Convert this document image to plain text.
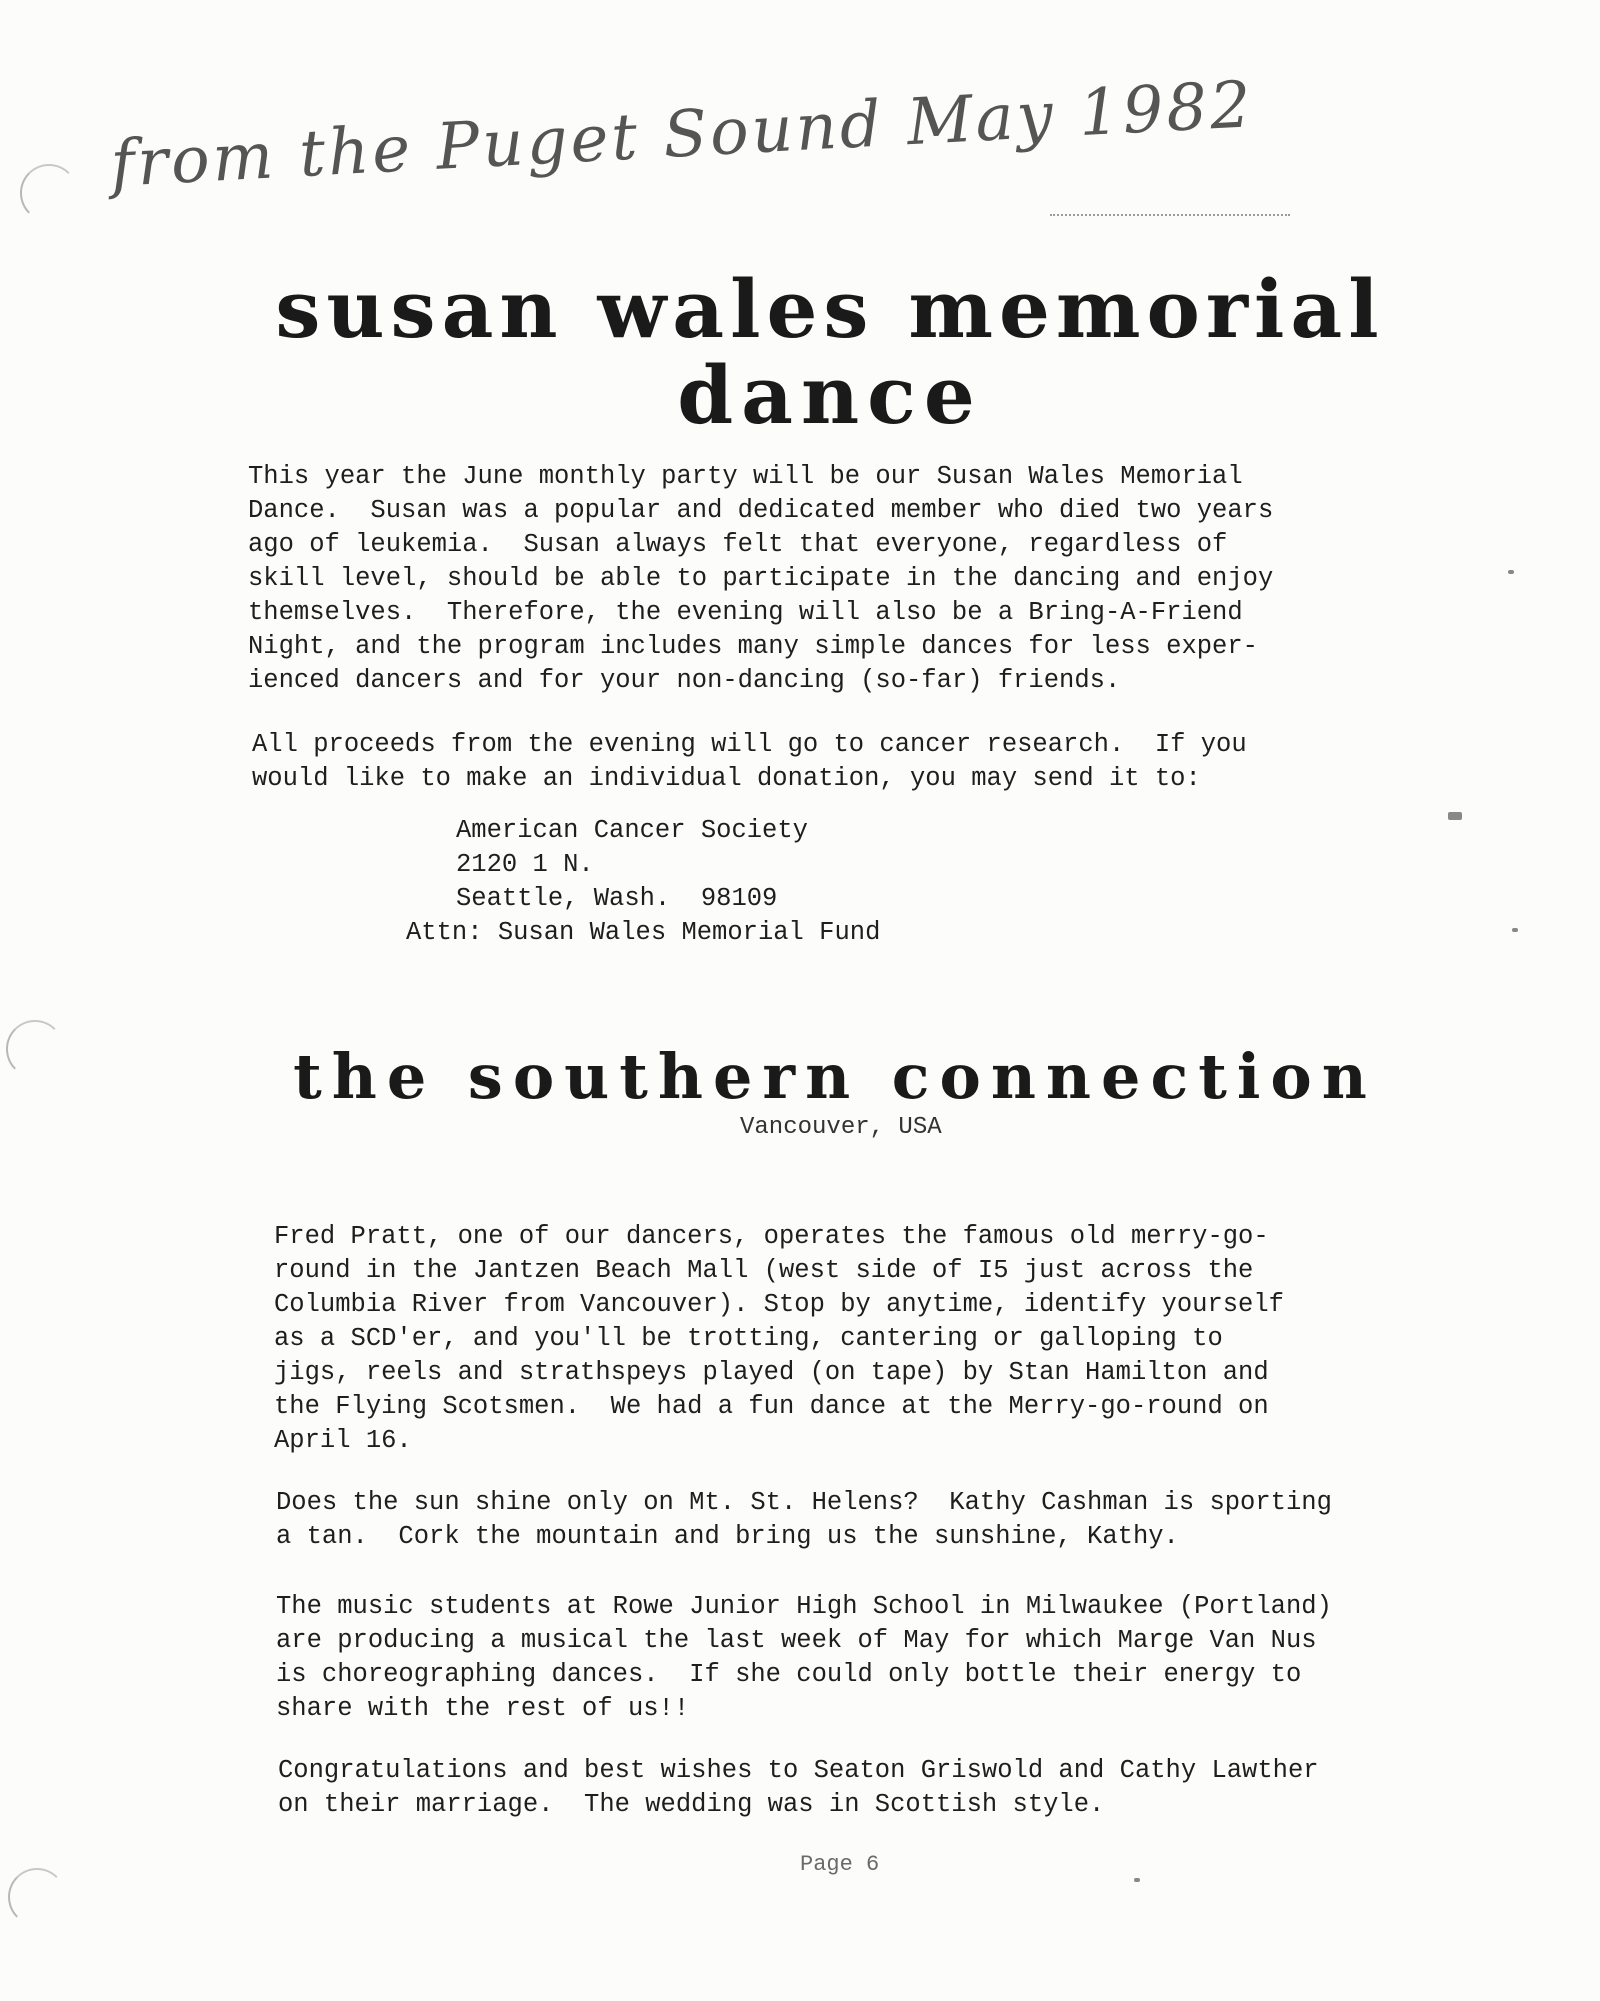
from the Puget Sound May 1982
susan wales memorial
dance
This year the June monthly party will be our Susan Wales Memorial
Dance.  Susan was a popular and dedicated member who died two years
ago of leukemia.  Susan always felt that everyone, regardless of
skill level, should be able to participate in the dancing and enjoy
themselves.  Therefore, the evening will also be a Bring-A-Friend
Night, and the program includes many simple dances for less exper-
ienced dancers and for your non-dancing (so-far) friends.
All proceeds from the evening will go to cancer research.  If you
would like to make an individual donation, you may send it to:
American Cancer Society
2120 1 N.
Seattle, Wash.  98109
Attn: Susan Wales Memorial Fund
the southern connection
Vancouver, USA
Fred Pratt, one of our dancers, operates the famous old merry-go-
round in the Jantzen Beach Mall (west side of I5 just across the
Columbia River from Vancouver). Stop by anytime, identify yourself
as a SCD'er, and you'll be trotting, cantering or galloping to
jigs, reels and strathspeys played (on tape) by Stan Hamilton and
the Flying Scotsmen.  We had a fun dance at the Merry-go-round on
April 16.
Does the sun shine only on Mt. St. Helens?  Kathy Cashman is sporting
a tan.  Cork the mountain and bring us the sunshine, Kathy.
The music students at Rowe Junior High School in Milwaukee (Portland)
are producing a musical the last week of May for which Marge Van Nus
is choreographing dances.  If she could only bottle their energy to
share with the rest of us!!
Congratulations and best wishes to Seaton Griswold and Cathy Lawther
on their marriage.  The wedding was in Scottish style.
Page 6
